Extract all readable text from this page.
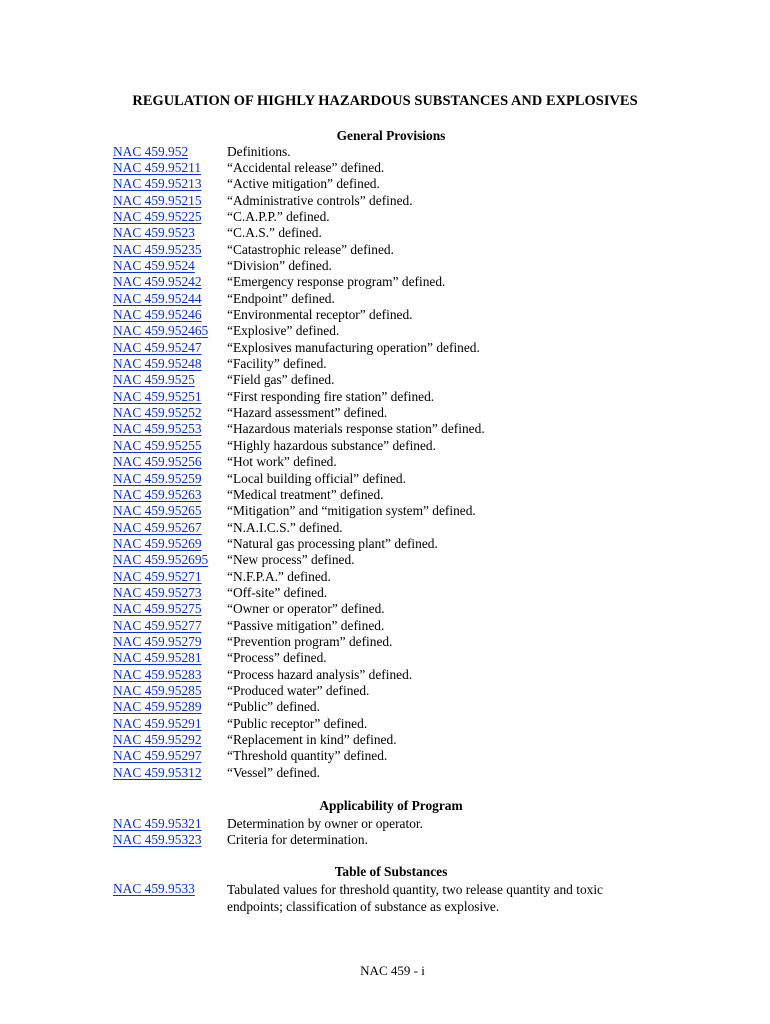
REGULATION OF HIGHLY HAZARDOUS SUBSTANCES AND EXPLOSIVES
General Provisions
NAC 459.952	Definitions.
NAC 459.95211 “Accidental release” defined.
NAC 459.95213 “Active mitigation” defined.
NAC 459.95215 “Administrative controls” defined.
NAC 459.95225 “C.A.P.P.” defined.
NAC 459.9523 “C.A.S.” defined.
NAC 459.95235 “Catastrophic release” defined.
NAC 459.9524 “Division” defined.
NAC 459.95242 “Emergency response program” defined.
NAC 459.95244 “Endpoint” defined.
NAC 459.95246 “Environmental receptor” defined.
NAC 459.952465 “Explosive” defined.
NAC 459.95247 “Explosives manufacturing operation” defined.
NAC 459.95248 “Facility” defined.
NAC 459.9525 “Field gas” defined.
NAC 459.95251 “First responding fire station” defined.
NAC 459.95252 “Hazard assessment” defined.
NAC 459.95253 “Hazardous materials response station” defined.
NAC 459.95255 “Highly hazardous substance” defined.
NAC 459.95256 “Hot work” defined.
NAC 459.95259 “Local building official” defined.
NAC 459.95263 “Medical treatment” defined.
NAC 459.95265 “Mitigation” and “mitigation system” defined.
NAC 459.95267 “N.A.I.C.S.” defined.
NAC 459.95269 “Natural gas processing plant” defined.
NAC 459.952695 “New process” defined.
NAC 459.95271 “N.F.P.A.” defined.
NAC 459.95273 “Off-site” defined.
NAC 459.95275 “Owner or operator” defined.
NAC 459.95277 “Passive mitigation” defined.
NAC 459.95279 “Prevention program” defined.
NAC 459.95281 “Process” defined.
NAC 459.95283 “Process hazard analysis” defined.
NAC 459.95285 “Produced water” defined.
NAC 459.95289 “Public” defined.
NAC 459.95291 “Public receptor” defined.
NAC 459.95292 “Replacement in kind” defined.
NAC 459.95297 “Threshold quantity” defined.
NAC 459.95312 “Vessel” defined.
Applicability of Program
NAC 459.95321 Determination by owner or operator.
NAC 459.95323 Criteria for determination.
Table of Substances
NAC 459.9533 Tabulated values for threshold quantity, two release quantity and toxic endpoints; classification of substance as explosive.
NAC 459 - i
